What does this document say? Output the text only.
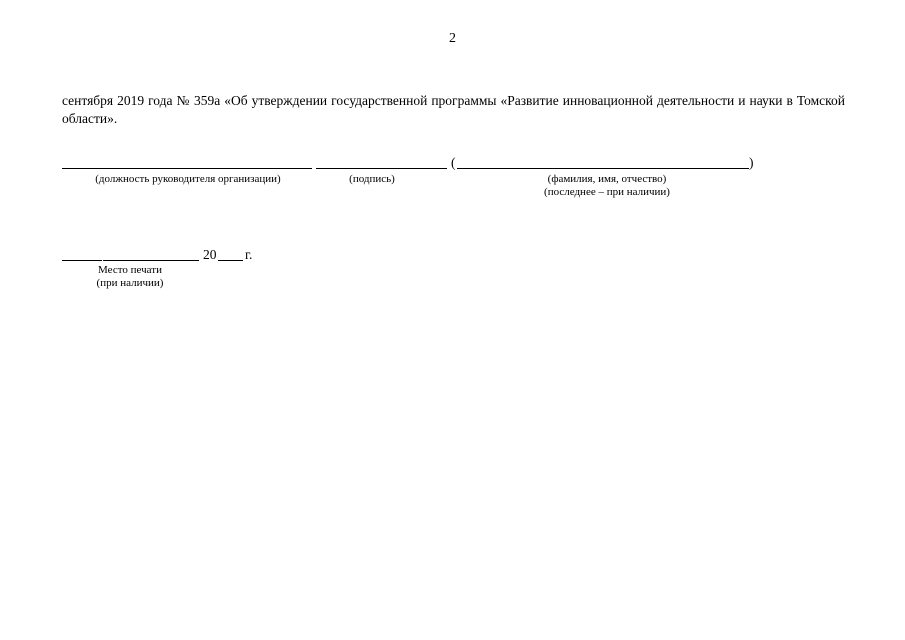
2
сентября 2019 года № 359а «Об утверждении государственной программы «Развитие инновационной деятельности и науки в Томской области».
(	)
(должность руководителя организации)	(подпись)	(фамилия, имя, отчество)
(последнее – при наличии)
20 г.
Место печати
(при наличии)
